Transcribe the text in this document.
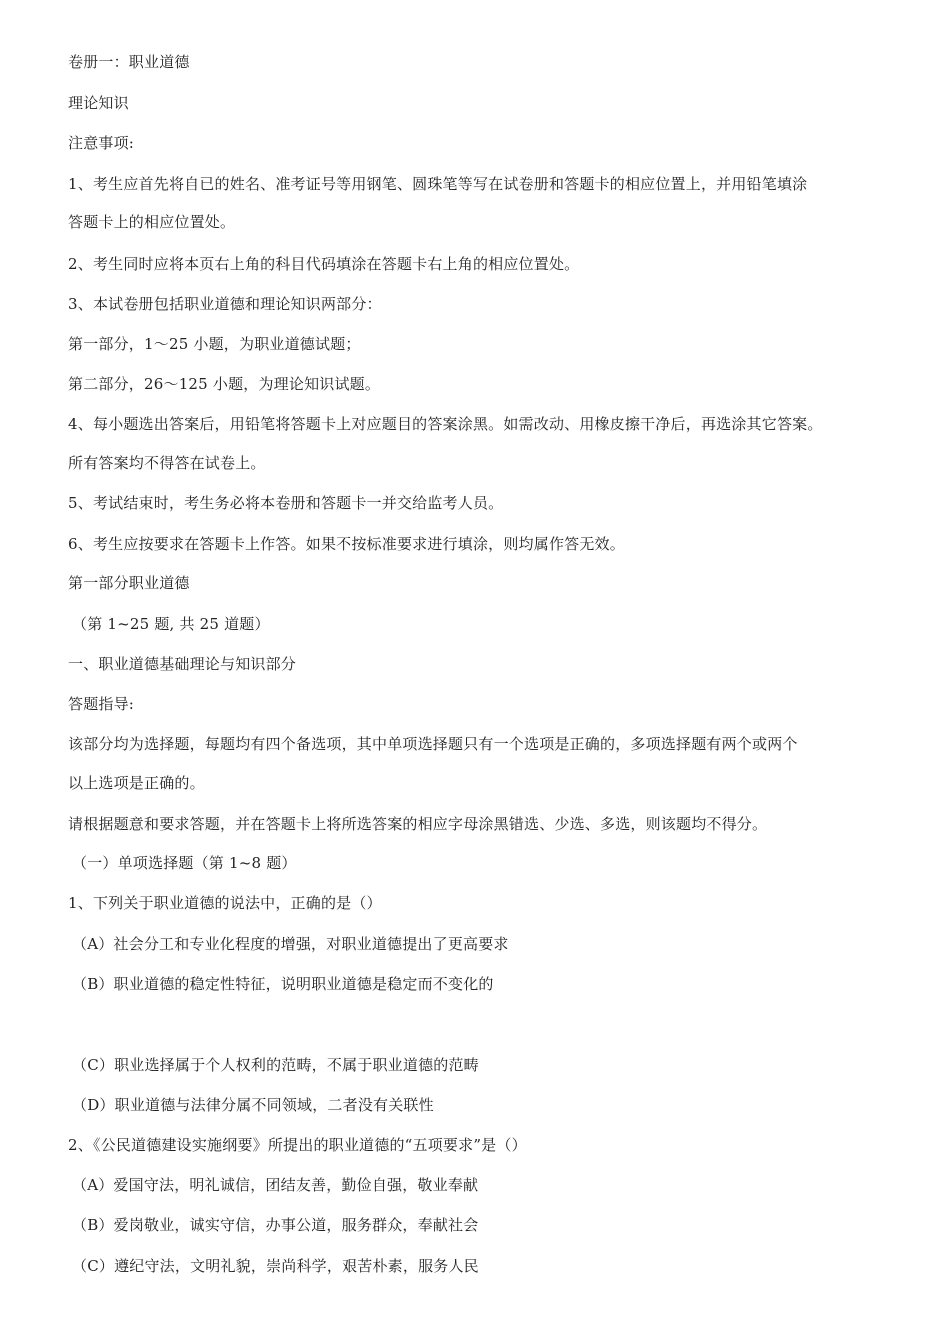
卷册一：职业道德
理论知识
注意事项:
1、考生应首先将自已的姓名、准考证号等用钢笔、圆珠笔等写在试卷册和答题卡的相应位置上，并用铅笔填涂
答题卡上的相应位置处。
2、考生同时应将本页右上角的科目代码填涂在答题卡右上角的相应位置处。
3、本试卷册包括职业道德和理论知识两部分：
第一部分，1～25 小题，为职业道德试题；
第二部分，26～125 小题，为理论知识试题。
4、每小题选出答案后，用铅笔将答题卡上对应题目的答案涂黑。如需改动、用橡皮擦干净后，再选涂其它答案。
所有答案均不得答在试卷上。
5、考试结束时，考生务必将本卷册和答题卡一并交给监考人员。
6、考生应按要求在答题卡上作答。如果不按标准要求进行填涂，则均属作答无效。
第一部分职业道德
（第 1~25 题, 共 25 道题）
一、职业道德基础理论与知识部分
答题指导:
该部分均为选择题，每题均有四个备选项，其中单项选择题只有一个选项是正确的，多项选择题有两个或两个
以上选项是正确的。
请根据题意和要求答题，并在答题卡上将所选答案的相应字母涂黑错选、少选、多选，则该题均不得分。
（一）单项选择题（第 1~8 题）
1、下列关于职业道德的说法中，正确的是（）
（A）社会分工和专业化程度的增强，对职业道德提出了更高要求
（B）职业道德的稳定性特征，说明职业道德是稳定而不变化的
（C）职业选择属于个人权利的范畴，不属于职业道德的范畴
（D）职业道德与法律分属不同领域，二者没有关联性
2、《公民道德建设实施纲要》所提出的职业道德的“五项要求”是（）
（A）爱国守法，明礼诚信，团结友善，勤俭自强，敬业奉献
（B）爱岗敬业，诚实守信，办事公道，服务群众，奉献社会
（C）遵纪守法，文明礼貌，崇尚科学，艰苦朴素，服务人民
